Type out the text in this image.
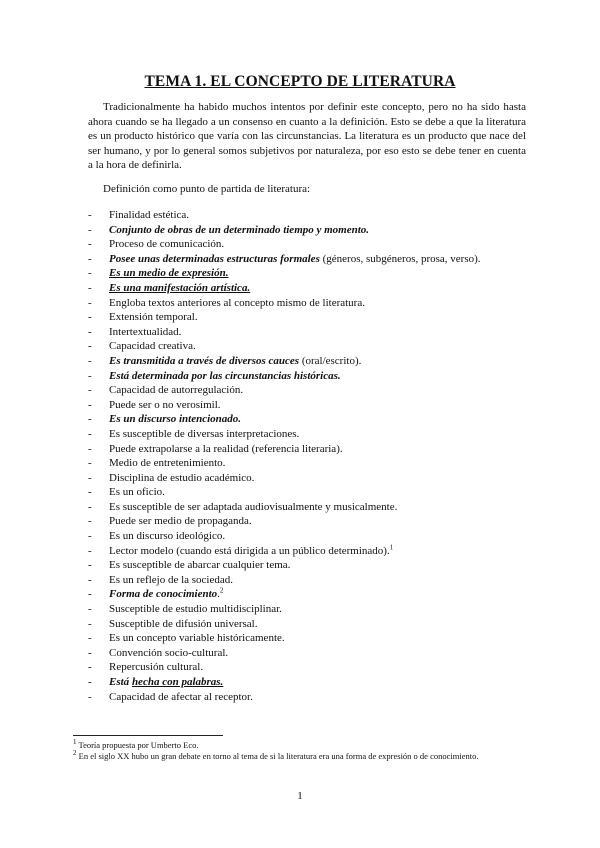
TEMA 1. EL CONCEPTO DE LITERATURA

Tradicionalmente ha habido muchos intentos por definir este concepto, pero no ha sido hasta ahora cuando se ha llegado a un consenso en cuanto a la definición. Esto se debe a que la literatura es un producto histórico que varía con las circunstancias. La literatura es un producto que nace del ser humano, y por lo general somos subjetivos por naturaleza, por eso esto se debe tener en cuenta a la hora de definirla.

Definición como punto de partida de literatura:
- Finalidad estética.
- Conjunto de obras de un determinado tiempo y momento.
- Proceso de comunicación.
- Posee unas determinadas estructuras formales (géneros, subgéneros, prosa, verso).
- Es un medio de expresión.
- Es una manifestación artística.
- Engloba textos anteriores al concepto mismo de literatura.
- Extensión temporal.
- Intertextualidad.
- Capacidad creativa.
- Es transmitida a través de diversos cauces (oral/escrito).
- Está determinada por las circunstancias históricas.
- Capacidad de autorregulación.
- Puede ser o no verosímil.
- Es un discurso intencionado.
- Es susceptible de diversas interpretaciones.
- Puede extrapolarse a la realidad (referencia literaria).
- Medio de entretenimiento.
- Disciplina de estudio académico.
- Es un oficio.
- Es susceptible de ser adaptada audiovisualmente y musicalmente.
- Puede ser medio de propaganda.
- Es un discurso ideológico.
- Lector modelo (cuando está dirigida a un público determinado).$^1$
- Es susceptible de abarcar cualquier tema.
- Es un reflejo de la sociedad.
- Forma de conocimiento.$^2$
- Susceptible de estudio multidisciplinar.
- Susceptible de difusión universal.
- Es un concepto variable históricamente.
- Convención socio-cultural.
- Repercusión cultural.
- Está hecha con palabras.
- Capacidad de afectar al receptor.

$^1$ Teoría propuesta por Umberto Eco.

$^2$ En el siglo XX hubo un gran debate en torno al tema de si la literatura era una forma de expresión o de conocimiento.

1
